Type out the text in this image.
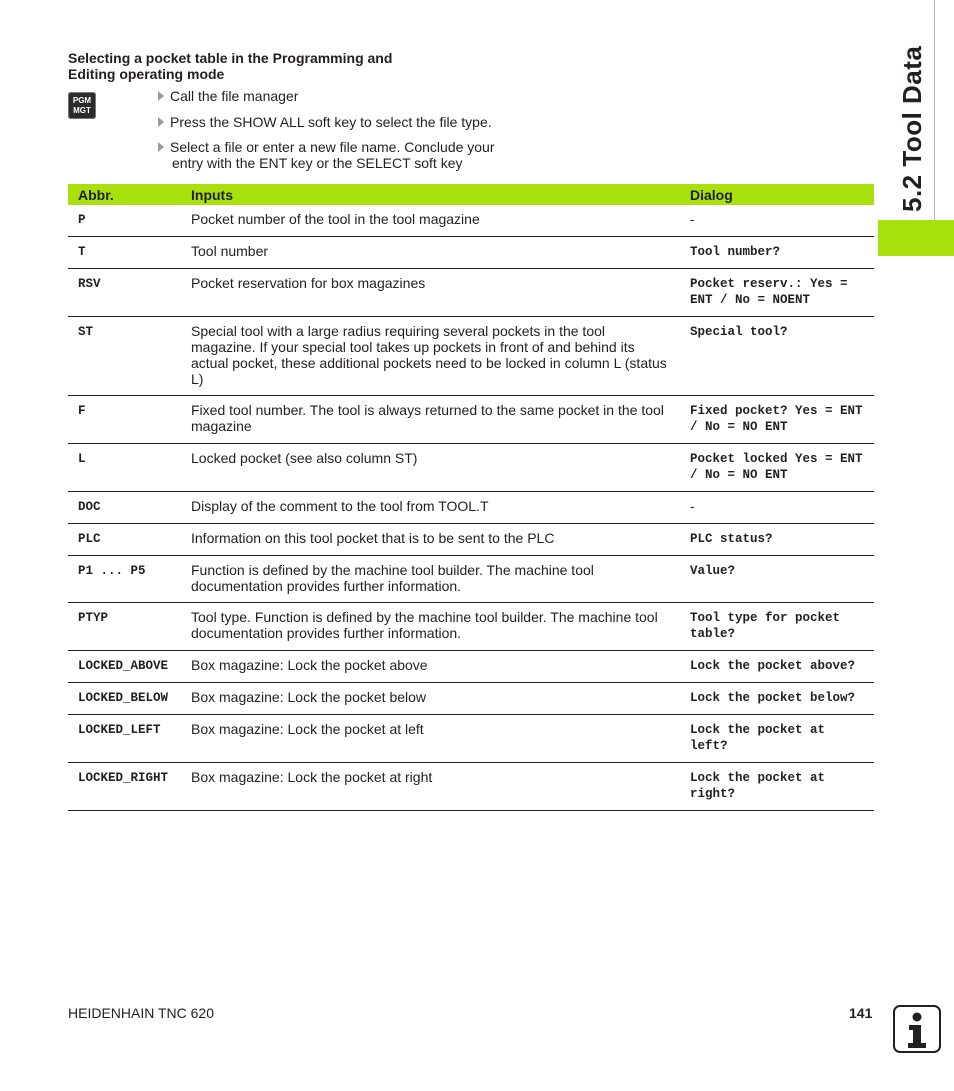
Selecting a pocket table in the Programming and
Editing operating mode
PGM
MGT
Call the file manager
Press the SHOW ALL soft key to select the file type.
Select a file or enter a new file name. Conclude your
entry with the ENT key or the SELECT soft key
Abbr.	Inputs	Dialog
P	Pocket number of the tool in the tool magazine	-
T	Tool number	Tool number?
RSV	Pocket reservation for box magazines	Pocket reserv.: Yes = ENT / No = NOENT
ST	Special tool with a large radius requiring several pockets in the tool magazine. If your special tool takes up pockets in front of and behind its actual pocket, these additional pockets need to be locked in column L (status L)	Special tool?
F	Fixed tool number. The tool is always returned to the same pocket in the tool magazine	Fixed pocket? Yes = ENT / No = NO ENT
L	Locked pocket (see also column ST)	Pocket locked Yes = ENT / No = NO ENT
DOC	Display of the comment to the tool from TOOL.T	-
PLC	Information on this tool pocket that is to be sent to the PLC	PLC status?
P1 ... P5	Function is defined by the machine tool builder. The machine tool documentation provides further information.	Value?
PTYP	Tool type. Function is defined by the machine tool builder. The machine tool documentation provides further information.	Tool type for pocket table?
LOCKED_ABOVE	Box magazine: Lock the pocket above	Lock the pocket above?
LOCKED_BELOW	Box magazine: Lock the pocket below	Lock the pocket below?
LOCKED_LEFT	Box magazine: Lock the pocket at left	Lock the pocket at left?
LOCKED_RIGHT	Box magazine: Lock the pocket at right	Lock the pocket at right?
5.2 Tool Data
HEIDENHAIN TNC 620	141
